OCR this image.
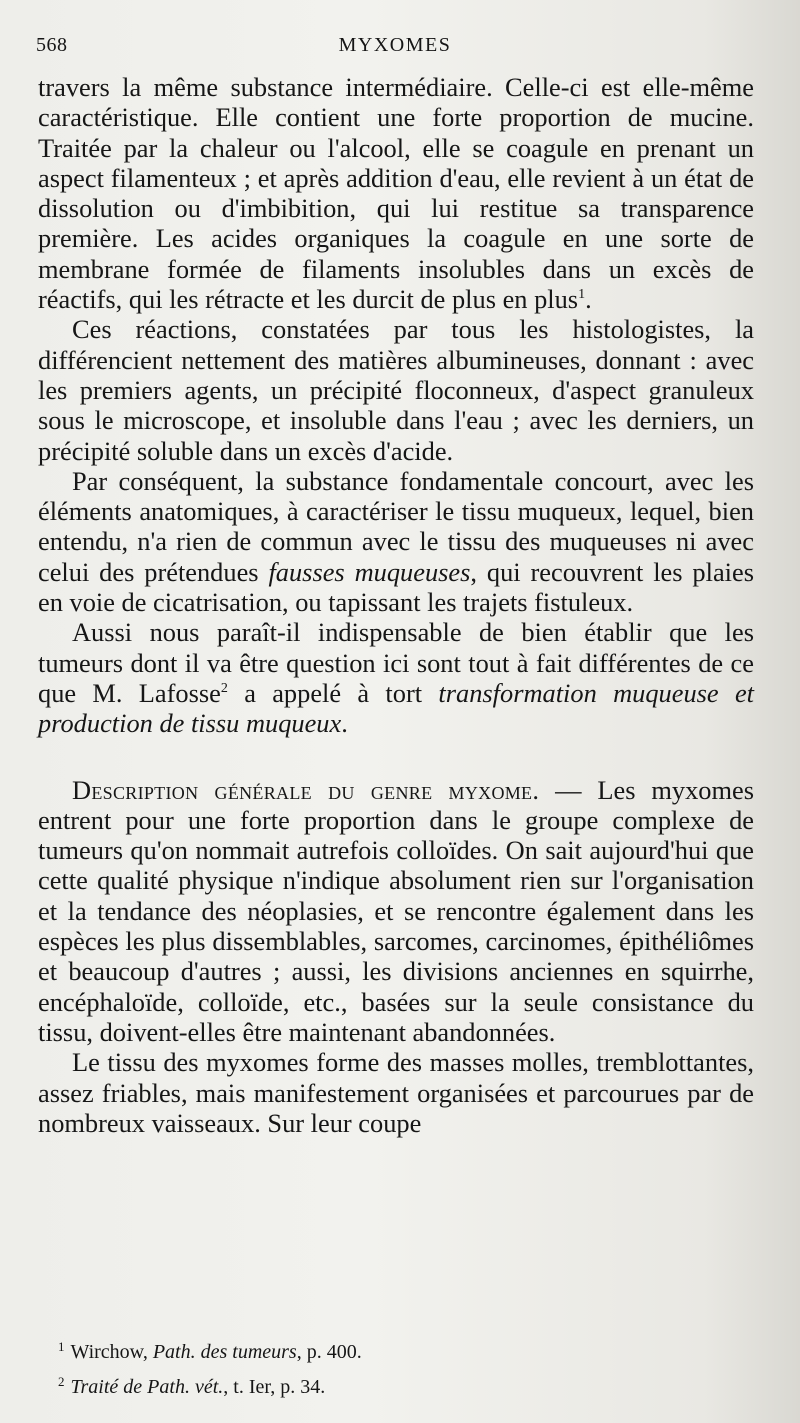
568	MYXOMES

travers la même substance intermédiaire. Celle-ci est elle-même caractéristique. Elle contient une forte proportion de mucine. Traitée par la chaleur ou l'alcool, elle se coagule en prenant un aspect filamenteux ; et après addition d'eau, elle revient à un état de dissolution ou d'imbibition, qui lui restitue sa transparence première. Les acides organiques la coagule en une sorte de membrane formée de filaments insolubles dans un excès de réactifs, qui les rétracte et les durcit de plus en plus$^1$.

Ces réactions, constatées par tous les histologistes, la différencient nettement des matières albumineuses, donnant : avec les premiers agents, un précipité floconneux, d'aspect granuleux sous le microscope, et insoluble dans l'eau ; avec les derniers, un précipité soluble dans un excès d'acide.

Par conséquent, la substance fondamentale concourt, avec les éléments anatomiques, à caractériser le tissu muqueux, lequel, bien entendu, n'a rien de commun avec le tissu des muqueuses ni avec celui des prétendues fausses muqueuses, qui recouvrent les plaies en voie de cicatrisation, ou tapissant les trajets fistuleux.

Aussi nous paraît-il indispensable de bien établir que les tumeurs dont il va être question ici sont tout à fait différentes de ce que M. Lafosse$^2$ a appelé à tort transformation muqueuse et production de tissu muqueux.

Description générale du genre myxome. — Les myxomes entrent pour une forte proportion dans le groupe complexe de tumeurs qu'on nommait autrefois colloïdes. On sait aujourd'hui que cette qualité physique n'indique absolument rien sur l'organisation et la tendance des néoplasies, et se rencontre également dans les espèces les plus dissemblables, sarcomes, carcinomes, épithéliômes et beaucoup d'autres ; aussi, les divisions anciennes en squirrhe, encéphaloïde, colloïde, etc., basées sur la seule consistance du tissu, doivent-elles être maintenant abandonnées.

Le tissu des myxomes forme des masses molles, tremblottantes, assez friables, mais manifestement organisées et parcourues par de nombreux vaisseaux. Sur leur coupe

$^1$ Wirchow, Path. des tumeurs, p. 400.

$^2$ Traité de Path. vét., t. Ier, p. 34.
